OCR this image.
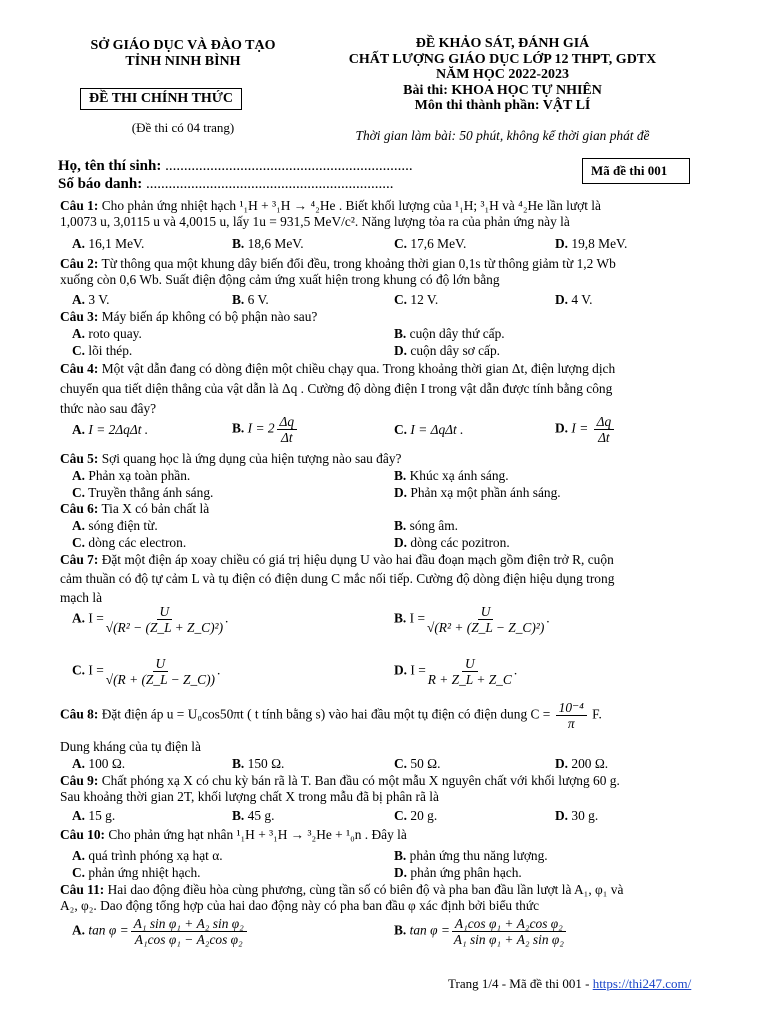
SỞ GIÁO DỤC VÀ ĐÀO TẠO
TỈNH NINH BÌNH
ĐỀ THI CHÍNH THỨC
(Đề thi có 04 trang)
ĐỀ KHẢO SÁT, ĐÁNH GIÁ
CHẤT LƯỢNG GIÁO DỤC LỚP 12 THPT, GDTX
NĂM HỌC 2022-2023
Bài thi: KHOA HỌC TỰ NHIÊN
Môn thi thành phần: VẬT LÍ
Thời gian làm bài: 50 phút, không kể thời gian phát đề
Họ, tên thí sinh: ..................................................................
Số báo danh: ..................................................................
Mã đề thi 001
Câu 1: Cho phản ứng nhiệt hạch ¹₁H + ³₁H → ⁴₂He . Biết khối lượng của ¹₁H; ³₁H và ⁴₂He lần lượt là
1,0073 u, 3,0115 u và 4,0015 u, lấy 1u = 931,5 MeV/c². Năng lượng tỏa ra của phản ứng này là
A. 16,1 MeV.	B. 18,6 MeV.	C. 17,6 MeV.	D. 19,8 MeV.
Câu 2: Từ thông qua một khung dây biến đổi đều, trong khoảng thời gian 0,1s từ thông giảm từ 1,2 Wb
xuống còn 0,6 Wb. Suất điện động cảm ứng xuất hiện trong khung có độ lớn bằng
A. 3 V.	B. 6 V.	C. 12 V.	D. 4 V.
Câu 3: Máy biến áp không có bộ phận nào sau?
A. roto quay.	B. cuộn dây thứ cấp.
C. lõi thép.	D. cuộn dây sơ cấp.
Câu 4: Một vật dẫn đang có dòng điện một chiều chạy qua. Trong khoảng thời gian Δt, điện lượng dịch
chuyển qua tiết diện thẳng của vật dẫn là Δq . Cường độ dòng điện I trong vật dẫn được tính bằng công
thức nào sau đây?
A. I = 2ΔqΔt .	B. $I = 2 \frac{\Delta q}{\Delta t}$	C. I = ΔqΔt .	D. $I = \frac{\Delta q}{\Delta t}$
Câu 5: Sợi quang học là ứng dụng của hiện tượng nào sau đây?
A. Phản xạ toàn phần.	B. Khúc xạ ánh sáng.
C. Truyền thẳng ánh sáng.	D. Phản xạ một phần ánh sáng.
Câu 6: Tia X có bản chất là
A. sóng điện từ.	B. sóng âm.
C. dòng các electron.	D. dòng các pozitron.
Câu 7: Đặt một điện áp xoay chiều có giá trị hiệu dụng U vào hai đầu đoạn mạch gồm điện trở R, cuộn
cảm thuần có độ tự cảm L và tụ điện có điện dung C mắc nối tiếp. Cường độ dòng điện hiệu dụng trong
mạch là
A. $I = \frac{U}{\text{√(R² − (Z\_L + Z\_C)²)}}$ .	B. $I = \frac{U}{\text{√(R² + (Z\_L − Z\_C)²)}}$ .
C. $I = \frac{U}{√(R + (Z\_L - Z\_C))}$ .	D. $I = \frac{U}{R + Z\_L + Z\_C}$ .
Câu 8: Đặt điện áp u = U₀cos50πt ( t tính bằng s) vào hai đầu một tụ điện có điện dung $C = \frac{\text{10⁻⁴}}{\pi} F$.
Dung kháng của tụ điện là
A. 100 Ω.	B. 150 Ω.	C. 50 Ω.	D. 200 Ω.
Câu 9: Chất phóng xạ X có chu kỳ bán rã là T. Ban đầu có một mẫu X nguyên chất với khối lượng 60 g.
Sau khoảng thời gian 2T, khối lượng chất X trong mẫu đã bị phân rã là
A. 15 g.	B. 45 g.	C. 20 g.	D. 30 g.
Câu 10: Cho phản ứng hạt nhân ¹₁H + ³₁H → ³₂He + ¹₀n . Đây là
A. quá trình phóng xạ hạt α.	B. phản ứng thu năng lượng.
C. phản ứng nhiệt hạch.	D. phản ứng phân hạch.
Câu 11: Hai dao động điều hòa cùng phương, cùng tần số có biên độ và pha ban đầu lần lượt là A₁, φ₁ và
A₂, φ₂. Dao động tổng hợp của hai dao động này có pha ban đầu φ xác định bởi biểu thức
A. $\tan \varphi = \frac{\text{A₁ sin φ₁ + A₂ sin φ₂}}{\text{A₁cos φ₁ − A₂cos φ₂}}$	B. $\tan \varphi = \frac{\text{A₁cos φ₁ + A₂cos φ₂}}{\text{A₁ sin φ₁ + A₂ sin φ₂}}$
Trang 1/4 - Mã đề thi 001 - https://thi247.com/
